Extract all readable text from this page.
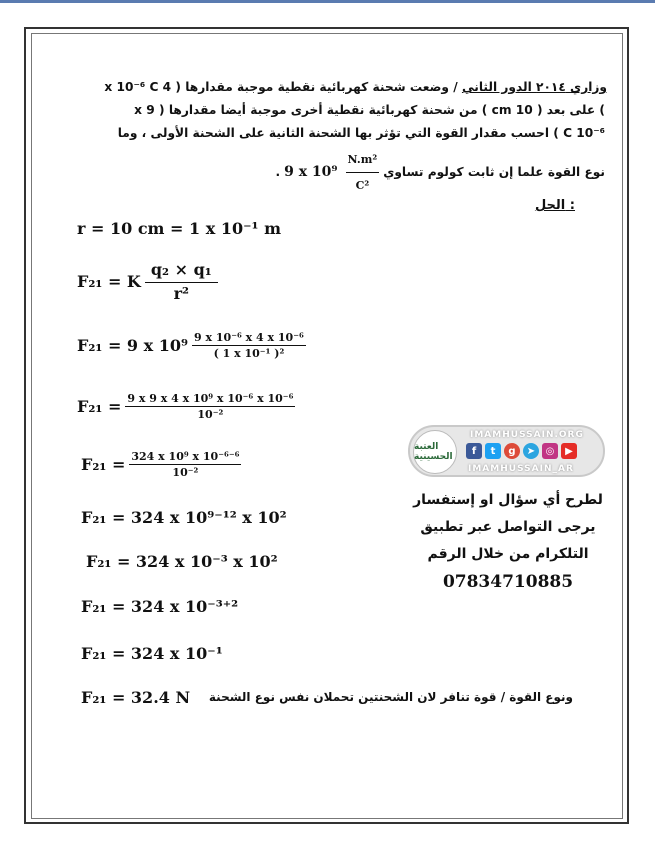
وزاري ٢٠١٤ الدور الثاني / وضعت شحنة كهربائية نقطية موجبة مقدارها ( 4 x 10⁻⁶ C
) على بعد ( 10 cm ) من شحنة كهربائية نقطية أخرى موجبة أيضا مقدارها ( 9 x
10⁻⁶ C ) احسب مقدار القوة التي تؤثر بها الشحنة الثانية على الشحنة الأولى ، وما
نوع القوة علما إن ثابت كولوم تساوي
$\frac{\text{N.m²}}{\text{C²}}$
9 x 10⁹
.
الحل :
r = 10 cm = 1 x 10⁻¹ m
F₂₁ = K $\frac{\text{q₂ × q₁}}{\text{r²}}$
F₂₁ = 9 x $10^9 \frac{\text{9 x 10⁻⁶ x 4 x 10⁻⁶}}{\text{( 1 x 10⁻¹ )²}}$
$F_{21} = \frac{\text{9 x 9 x 4 x 10⁹ x 10⁻⁶ x 10⁻⁶}}{\text{10⁻²}}$
$F_{21} = \frac{\text{324 x 10⁹ x 10⁻⁶⁻⁶}}{\text{10⁻²}}$
F₂₁ = 324 x 10⁹⁻¹² x 10²
F₂₁ = 324 x 10⁻³ x 10²
F₂₁ = 324 x 10⁻³⁺²
F₂₁ = 324 x 10⁻¹
F₂₁ = 32.4 N ونوع القوة / قوة تنافر لان الشحنتين تحملان نفس نوع الشحنة
العتبة الحسينية
IMAMHUSSAIN.ORG
f	t	g	➤	◎	▶
IMAMHUSSAIN_AR
لطرح أي سؤال او إستفسار
يرجى التواصل عبر تطبيق
التلكرام من خلال الرقم
07834710885
